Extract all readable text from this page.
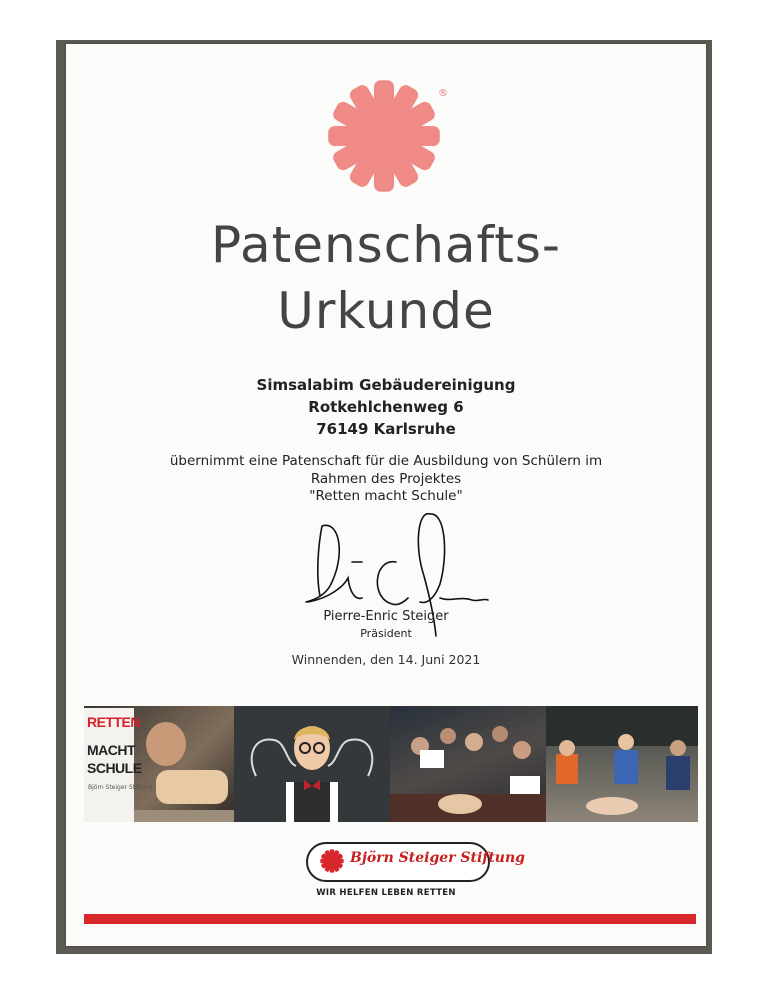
®
Patenschafts-
Urkunde
Simsalabim Gebäudereinigung
Rotkehlchenweg 6
76149 Karlsruhe
übernimmt eine Patenschaft für die Ausbildung von Schülern im
Rahmen des Projektes
"Retten macht Schule"
Pierre-Enric Steiger
Präsident
Winnenden, den 14. Juni 2021
RETTEN
MACHT
SCHULE
Björn Steiger Stiftung
Björn Steiger Stiftung
WIR HELFEN LEBEN RETTEN
